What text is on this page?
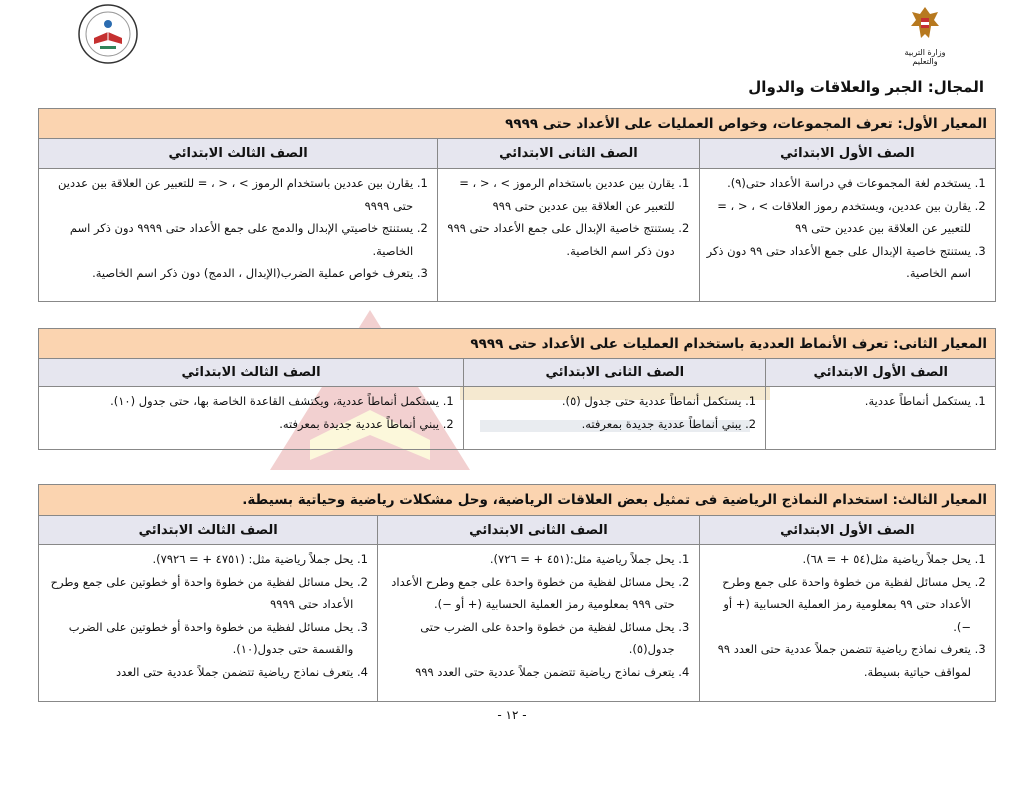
وزارة التربية والتعليم
المجال: الجبر والعلاقات والدوال
المعيار الأول: تعرف المجموعات، وخواص العمليات على الأعداد حتى ٩٩٩٩
الصف الأول الابتدائي
الصف الثانى الابتدائي
الصف الثالث الابتدائي
1. يستخدم لغة المجموعات في دراسة الأعداد حتى(٩).
2. يقارن بين عددين، ويستخدم رموز العلاقات > ، < ، = للتعبير عن العلاقة بين عددين حتى ٩٩
3. يستنتج خاصية الإبدال على جمع الأعداد حتى ٩٩ دون ذكر اسم الخاصية.
1. يقارن بين عددين باستخدام الرموز > ، < ، = للتعبير عن العلاقة بين عددين حتى ٩٩٩
2. يستنتج خاصية الإبدال على جمع الأعداد حتى ٩٩٩ دون ذكر اسم الخاصية.
1. يقارن بين عددين باستخدام الرموز > ، < ، = للتعبير عن العلاقة بين عددين حتى ٩٩٩٩
2. يستنتج خاصيتي الإبدال والدمج على جمع الأعداد حتى ٩٩٩٩ دون ذكر اسم الخاصية.
3. يتعرف خواص عملية الضرب(الإبدال ، الدمج) دون ذكر اسم الخاصية.
المعيار الثانى: تعرف الأنماط العددية باستخدام العمليات على الأعداد حتى ٩٩٩٩
الصف الأول الابتدائي
الصف الثانى الابتدائي
الصف الثالث الابتدائي
1. يستكمل أنماطاً عددية.
1. يستكمل أنماطاً عددية حتى جدول (٥).
2. يبني أنماطاً عددية جديدة بمعرفته.
1. يستكمل أنماطاً عددية، ويكتشف القاعدة الخاصة بها، حتى جدول (١٠).
2. يبني أنماطاً عددية جديدة بمعرفته.
المعيار الثالث: استخدام النماذج الرياضية فى تمثيل بعض العلاقات الرياضية، وحل مشكلات رياضية وحياتية بسيطة.
الصف الأول الابتدائي
الصف الثانى الابتدائي
الصف الثالث الابتدائي
1. يحل جملاً رياضية مثل(٥٤ + = ٦٨).
2. يحل مسائل لفظية من خطوة واحدة على جمع وطرح الأعداد حتى ٩٩ بمعلومية رمز العملية الحسابية (+ أو −).
3. يتعرف نماذج رياضية تتضمن جملاً عددية حتى العدد ٩٩ لمواقف حياتية بسيطة.
1. يحل جملاً رياضية مثل:(٤٥١ + = ٧٢٦).
2. يحل مسائل لفظية من خطوة واحدة على جمع وطرح الأعداد حتى ٩٩٩ بمعلومية رمز العملية الحسابية (+ أو −).
3. يحل مسائل لفظية من خطوة واحدة على الضرب حتى جدول(٥).
4. يتعرف نماذج رياضية تتضمن جملاً عددية حتى العدد ٩٩٩
1. يحل جملاً رياضية مثل: (٤٧٥١ + = ٧٩٢٦).
2. يحل مسائل لفظية من خطوة واحدة أو خطوتين على جمع وطرح الأعداد حتى ٩٩٩٩
3. يحل مسائل لفظية من خطوة واحدة أو خطوتين على الضرب والقسمة حتى جدول(١٠).
4. يتعرف نماذج رياضية تتضمن جملاً عددية حتى العدد
- ١٢ -
